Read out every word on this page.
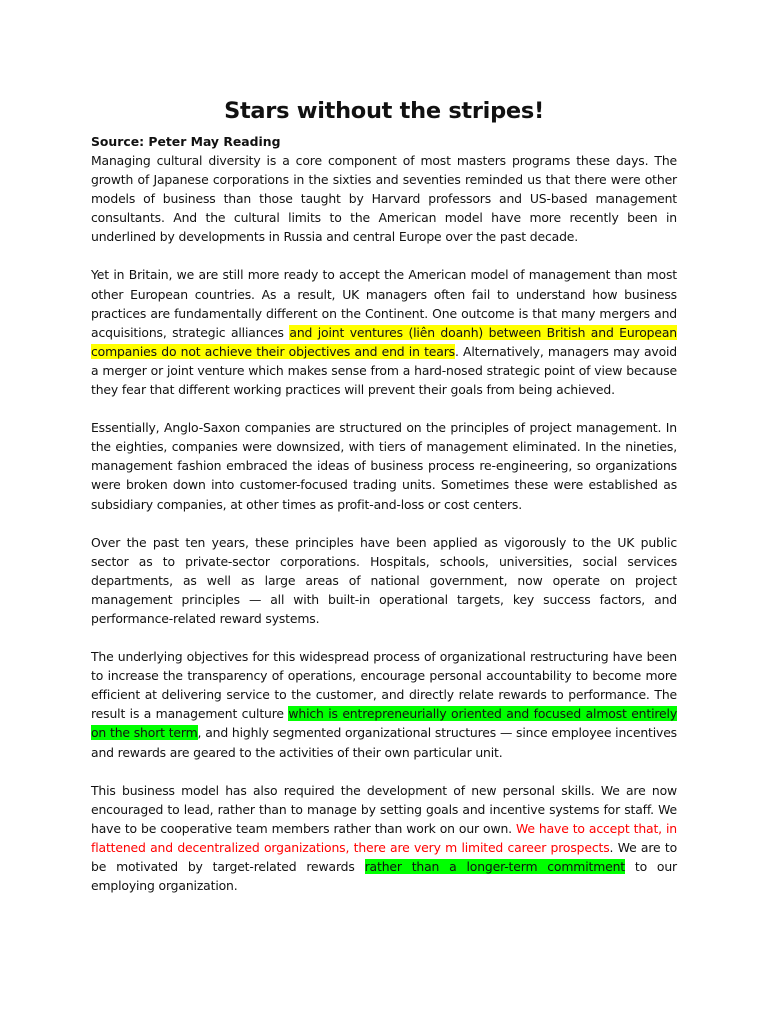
Stars without the stripes!

Source: Peter May Reading

Managing cultural diversity is a core component of most masters programs these days. The growth of Japanese corporations in the sixties and seventies reminded us that there were other models of business than those taught by Harvard professors and US-based management consultants. And the cultural limits to the American model have more recently been in underlined by developments in Russia and central Europe over the past decade.

Yet in Britain, we are still more ready to accept the American model of management than most other European countries. As a result, UK managers often fail to understand how business practices are fundamentally different on the Continent. One outcome is that many mergers and acquisitions, strategic alliances and joint ventures (liên doanh) between British and European companies do not achieve their objectives and end in tears. Alternatively, managers may avoid a merger or joint venture which makes sense from a hard-nosed strategic point of view because they fear that different working practices will prevent their goals from being achieved.

Essentially, Anglo-Saxon companies are structured on the principles of project management. In the eighties, companies were downsized, with tiers of management eliminated. In the nineties, management fashion embraced the ideas of business process re-engineering, so organizations were broken down into customer-focused trading units. Sometimes these were established as subsidiary companies, at other times as profit-and-loss or cost centers.

Over the past ten years, these principles have been applied as vigorously to the UK public sector as to private-sector corporations. Hospitals, schools, universities, social services departments, as well as large areas of national government, now operate on project management principles — all with built-in operational targets, key success factors, and performance-related reward systems.

The underlying objectives for this widespread process of organizational restructuring have been to increase the transparency of operations, encourage personal accountability to become more efficient at delivering service to the customer, and directly relate rewards to performance. The result is a management culture which is entrepreneurially oriented and focused almost entirely on the short term, and highly segmented organizational structures — since employee incentives and rewards are geared to the activities of their own particular unit.

This business model has also required the development of new personal skills. We are now encouraged to lead, rather than to manage by setting goals and incentive systems for staff. We have to be cooperative team members rather than work on our own. We have to accept that, in flattened and decentralized organizations, there are very m limited career prospects. We are to be motivated by target-related rewards rather than a longer-term commitment to our employing organization.
